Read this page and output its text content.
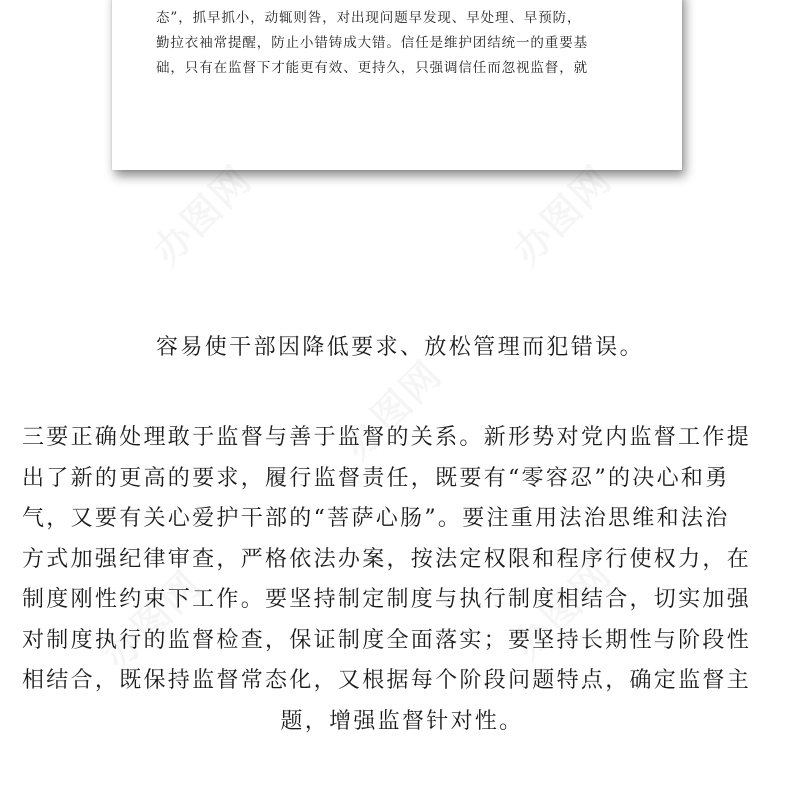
态”，抓早抓小，动辄则咎，对出现问题早发现、早处理、早预防，
勤拉衣袖常提醒，防止小错铸成大错。信任是维护团结统一的重要基
础，只有在监督下才能更有效、更持久，只强调信任而忽视监督，就

容易使干部因降低要求、放松管理而犯错误。

三要正确处理敢于监督与善于监督的关系。新形势对党内监督工作提
出了新的更高的要求，履行监督责任，既要有“零容忍”的决心和勇
气，又要有关心爱护干部的“菩萨心肠”。要注重用法治思维和法治
方式加强纪律审查，严格依法办案，按法定权限和程序行使权力，在
制度刚性约束下工作。要坚持制定制度与执行制度相结合，切实加强
对制度执行的监督检查，保证制度全面落实；要坚持长期性与阶段性
相结合，既保持监督常态化，又根据每个阶段问题特点，确定监督主
题，增强监督针对性。
